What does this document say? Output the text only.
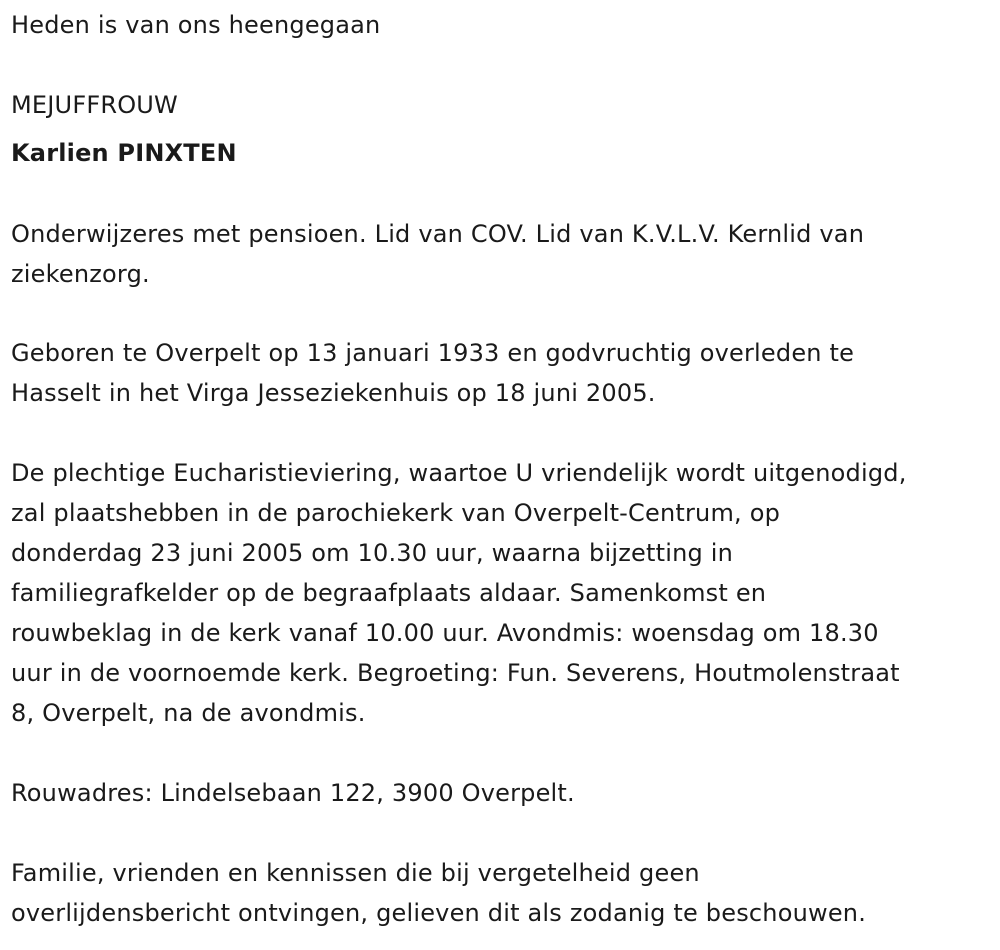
Heden is van ons heengegaan
MEJUFFROUW
Karlien PINXTEN
Onderwijzeres met pensioen. Lid van COV. Lid van K.V.L.V. Kernlid van
ziekenzorg.
Geboren te Overpelt op 13 januari 1933 en godvruchtig overleden te
Hasselt in het Virga Jesseziekenhuis op 18 juni 2005.
De plechtige Eucharistieviering, waartoe U vriendelijk wordt uitgenodigd,
zal plaatshebben in de parochiekerk van Overpelt-Centrum, op
donderdag 23 juni 2005 om 10.30 uur, waarna bijzetting in
familiegrafkelder op de begraafplaats aldaar. Samenkomst en
rouwbeklag in de kerk vanaf 10.00 uur. Avondmis: woensdag om 18.30
uur in de voornoemde kerk. Begroeting: Fun. Severens, Houtmolenstraat
8, Overpelt, na de avondmis.
Rouwadres: Lindelsebaan 122, 3900 Overpelt.
Familie, vrienden en kennissen die bij vergetelheid geen
overlijdensbericht ontvingen, gelieven dit als zodanig te beschouwen.
